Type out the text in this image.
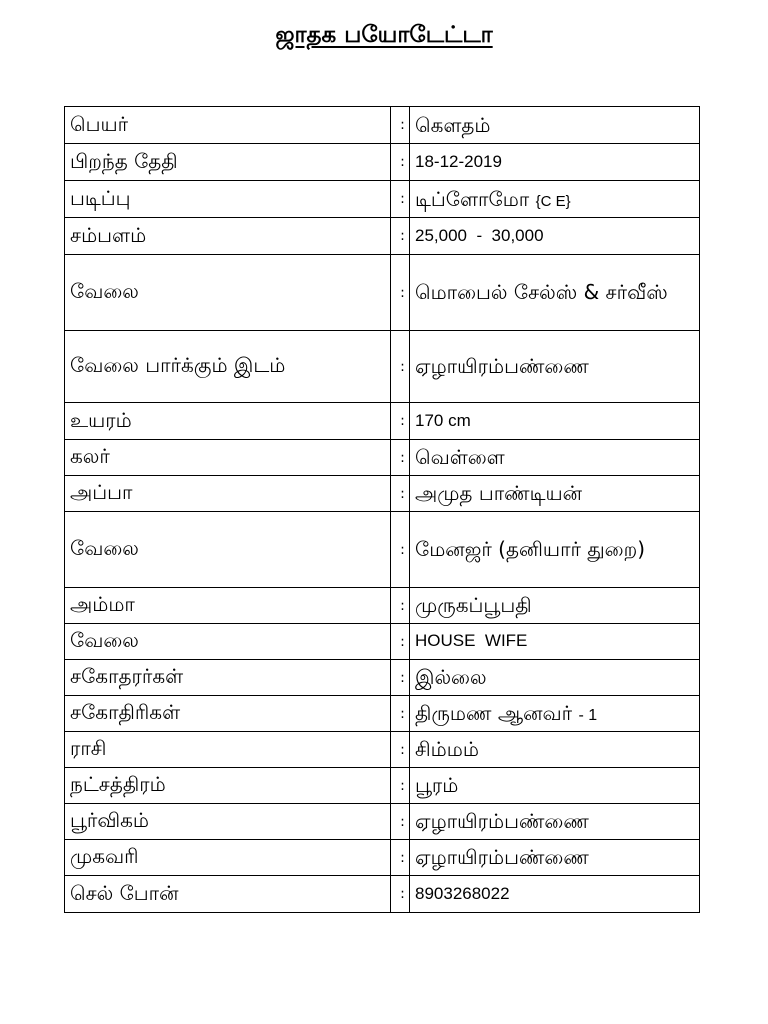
ஜாதக பயோடேட்டா
பெயர்	:	கௌதம்
பிறந்த தேதி	:	18-12-2019
படிப்பு	:	டிப்ளோமோ {C E}
சம்பளம்	:	25,000  -  30,000
வேலை	:	மொபைல் சேல்ஸ் & சர்வீஸ்
வேலை பார்க்கும் இடம்	:	ஏழாயிரம்பண்ணை
உயரம்	:	170 cm
கலர்	:	வெள்ளை
அப்பா	:	அமுத பாண்டியன்
வேலை	:	மேனஜர் (தனியார் துறை)
அம்மா	:	முருகப்பூபதி
வேலை	:	HOUSE  WIFE
சகோதரர்கள்	:	இல்லை
சகோதிரிகள்	:	திருமண ஆனவர் - 1
ராசி	:	சிம்மம்
நட்சத்திரம்	:	பூரம்
பூர்விகம்	:	ஏழாயிரம்பண்ணை
முகவரி	:	ஏழாயிரம்பண்ணை
செல் போன்	:	8903268022
